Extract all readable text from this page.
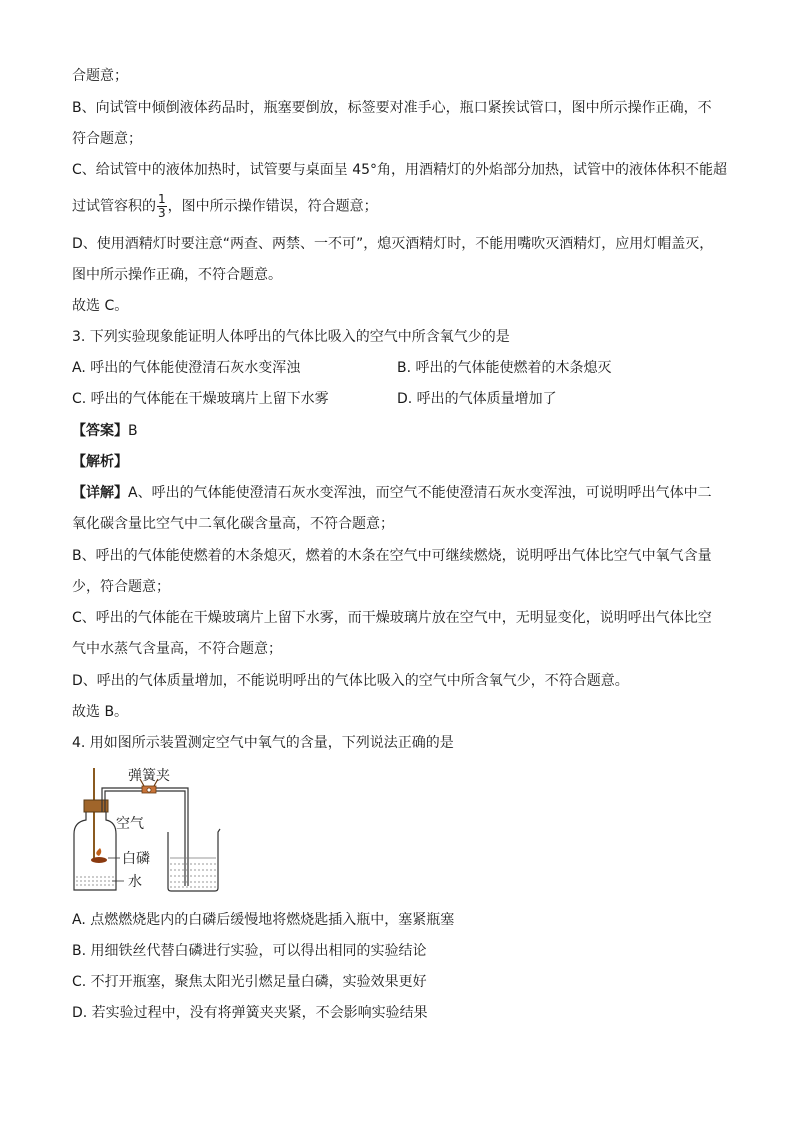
合题意；
B、向试管中倾倒液体药品时，瓶塞要倒放，标签要对准手心，瓶口紧挨试管口，图中所示操作正确，不
符合题意；
C、给试管中的液体加热时，试管要与桌面呈 45°角，用酒精灯的外焰部分加热，试管中的液体体积不能超
过试管容积的 $\frac{1}{3}$ ，图中所示操作错误，符合题意；
D、使用酒精灯时要注意“两查、两禁、一不可”，熄灭酒精灯时，不能用嘴吹灭酒精灯，应用灯帽盖灭，
图中所示操作正确，不符合题意。
故选 C。
3. 下列实验现象能证明人体呼出的气体比吸入的空气中所含氧气少的是
A. 呼出的气体能使澄清石灰水变浑浊	B. 呼出的气体能使燃着的木条熄灭
C. 呼出的气体能在干燥玻璃片上留下水雾	D. 呼出的气体质量增加了
【答案】B
【解析】
【详解】A、呼出的气体能使澄清石灰水变浑浊，而空气不能使澄清石灰水变浑浊，可说明呼出气体中二
氧化碳含量比空气中二氧化碳含量高，不符合题意；
B、呼出的气体能使燃着的木条熄灭，燃着的木条在空气中可继续燃烧，说明呼出气体比空气中氧气含量
少，符合题意；
C、呼出的气体能在干燥玻璃片上留下水雾，而干燥玻璃片放在空气中，无明显变化，说明呼出气体比空
气中水蒸气含量高，不符合题意；
D、呼出的气体质量增加，不能说明呼出的气体比吸入的空气中所含氧气少，不符合题意。
故选 B。
4. 用如图所示装置测定空气中氧气的含量，下列说法正确的是
弹簧夹
空气
白磷
水
A. 点燃燃烧匙内的白磷后缓慢地将燃烧匙插入瓶中，塞紧瓶塞
B. 用细铁丝代替白磷进行实验，可以得出相同的实验结论
C. 不打开瓶塞，聚焦太阳光引燃足量白磷，实验效果更好
D. 若实验过程中，没有将弹簧夹夹紧，不会影响实验结果
